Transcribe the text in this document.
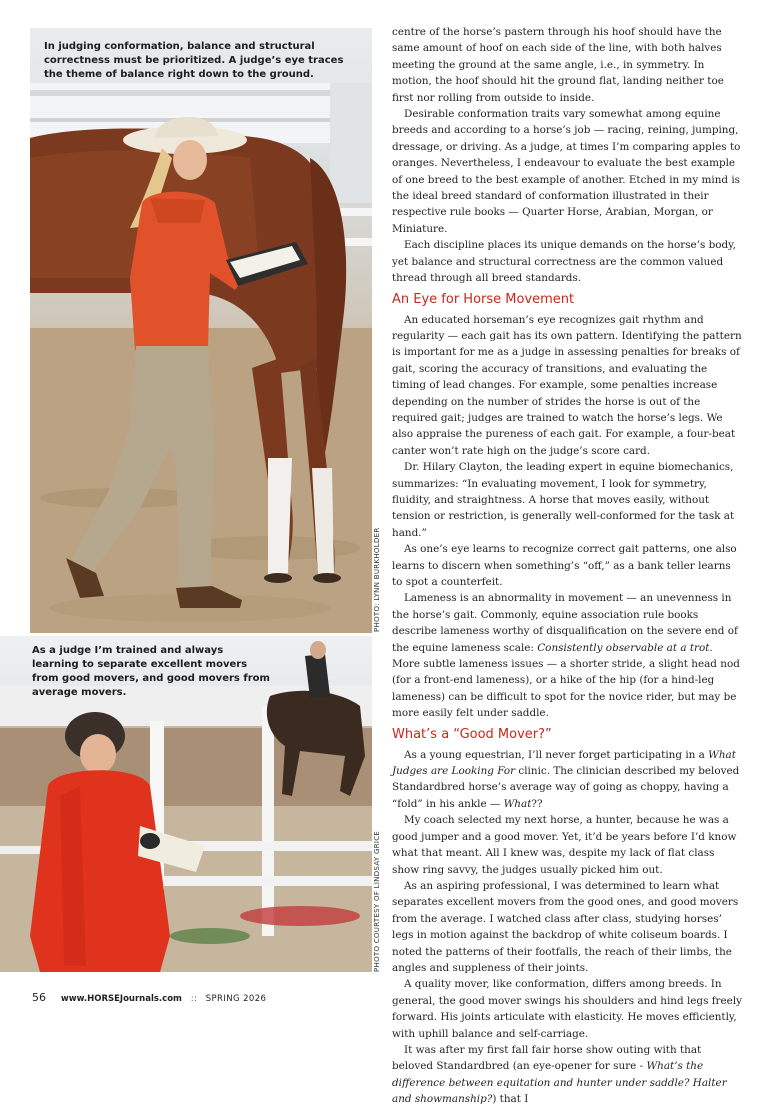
In judging conformation, balance and structural correctness must be prioritized. A judge’s eye traces the theme of balance right down to the ground.
PHOTO: LYNN BURKHOLDER
As a judge I’m trained and always learning to separate excellent movers from good movers, and good movers from average movers.
PHOTO COURTESY OF LINDSAY GRICE

centre of the horse’s pastern through his hoof should have the same amount of hoof on each side of the line, with both halves meeting the ground at the same angle, i.e., in symmetry. In motion, the hoof should hit the ground flat, landing neither toe first nor rolling from outside to inside.

Desirable conformation traits vary somewhat among equine breeds and according to a horse’s job — racing, reining, jumping, dressage, or driving. As a judge, at times I’m comparing apples to oranges. Nevertheless, I endeavour to evaluate the best example of one breed to the best example of another. Etched in my mind is the ideal breed standard of conformation illustrated in their respective rule books — Quarter Horse, Arabian, Morgan, or Miniature.

Each discipline places its unique demands on the horse’s body, yet balance and structural correctness are the common valued thread through all breed standards.

An Eye for Horse Movement

An educated horseman’s eye recognizes gait rhythm and regularity — each gait has its own pattern. Identifying the pattern is important for me as a judge in assessing penalties for breaks of gait, scoring the accuracy of transitions, and evaluating the timing of lead changes. For example, some penalties increase depending on the number of strides the horse is out of the required gait; judges are trained to watch the horse’s legs. We also appraise the pureness of each gait. For example, a four-beat canter won’t rate high on the judge’s score card.

Dr. Hilary Clayton, the leading expert in equine biomechanics, summarizes: “In evaluating movement, I look for symmetry, fluidity, and straightness. A horse that moves easily, without tension or restriction, is generally well-conformed for the task at hand.”

As one’s eye learns to recognize correct gait patterns, one also learns to discern when something’s “off,” as a bank teller learns to spot a counterfeit.

Lameness is an abnormality in movement — an unevenness in the horse’s gait. Commonly, equine association rule books describe lameness worthy of disqualification on the severe end of the equine lameness scale: Consistently observable at a trot. More subtle lameness issues — a shorter stride, a slight head nod (for a front-end lameness), or a hike of the hip (for a hind-leg lameness) can be difficult to spot for the novice rider, but may be more easily felt under saddle.

What’s a “Good Mover?”

As a young equestrian, I’ll never forget participating in a What Judges are Looking For clinic. The clinician described my beloved Standardbred horse’s average way of going as choppy, having a “fold” in his ankle — What??

My coach selected my next horse, a hunter, because he was a good jumper and a good mover. Yet, it’d be years before I’d know what that meant. All I knew was, despite my lack of flat class show ring savvy, the judges usually picked him out.

As an aspiring professional, I was determined to learn what separates excellent movers from the good ones, and good movers from the average. I watched class after class, studying horses’ legs in motion against the backdrop of white coliseum boards. I noted the patterns of their footfalls, the reach of their limbs, the angles and suppleness of their joints.

A quality mover, like conformation, differs among breeds. In general, the good mover swings his shoulders and hind legs freely forward. His joints articulate with elasticity. He moves efficiently, with uphill balance and self-carriage.

It was after my first fall fair horse show outing with that beloved Standardbred (an eye-opener for sure - What’s the difference between equitation and hunter under saddle? Halter and showmanship?) that I

56 www.HORSEJournals.com :: SPRING 2026
